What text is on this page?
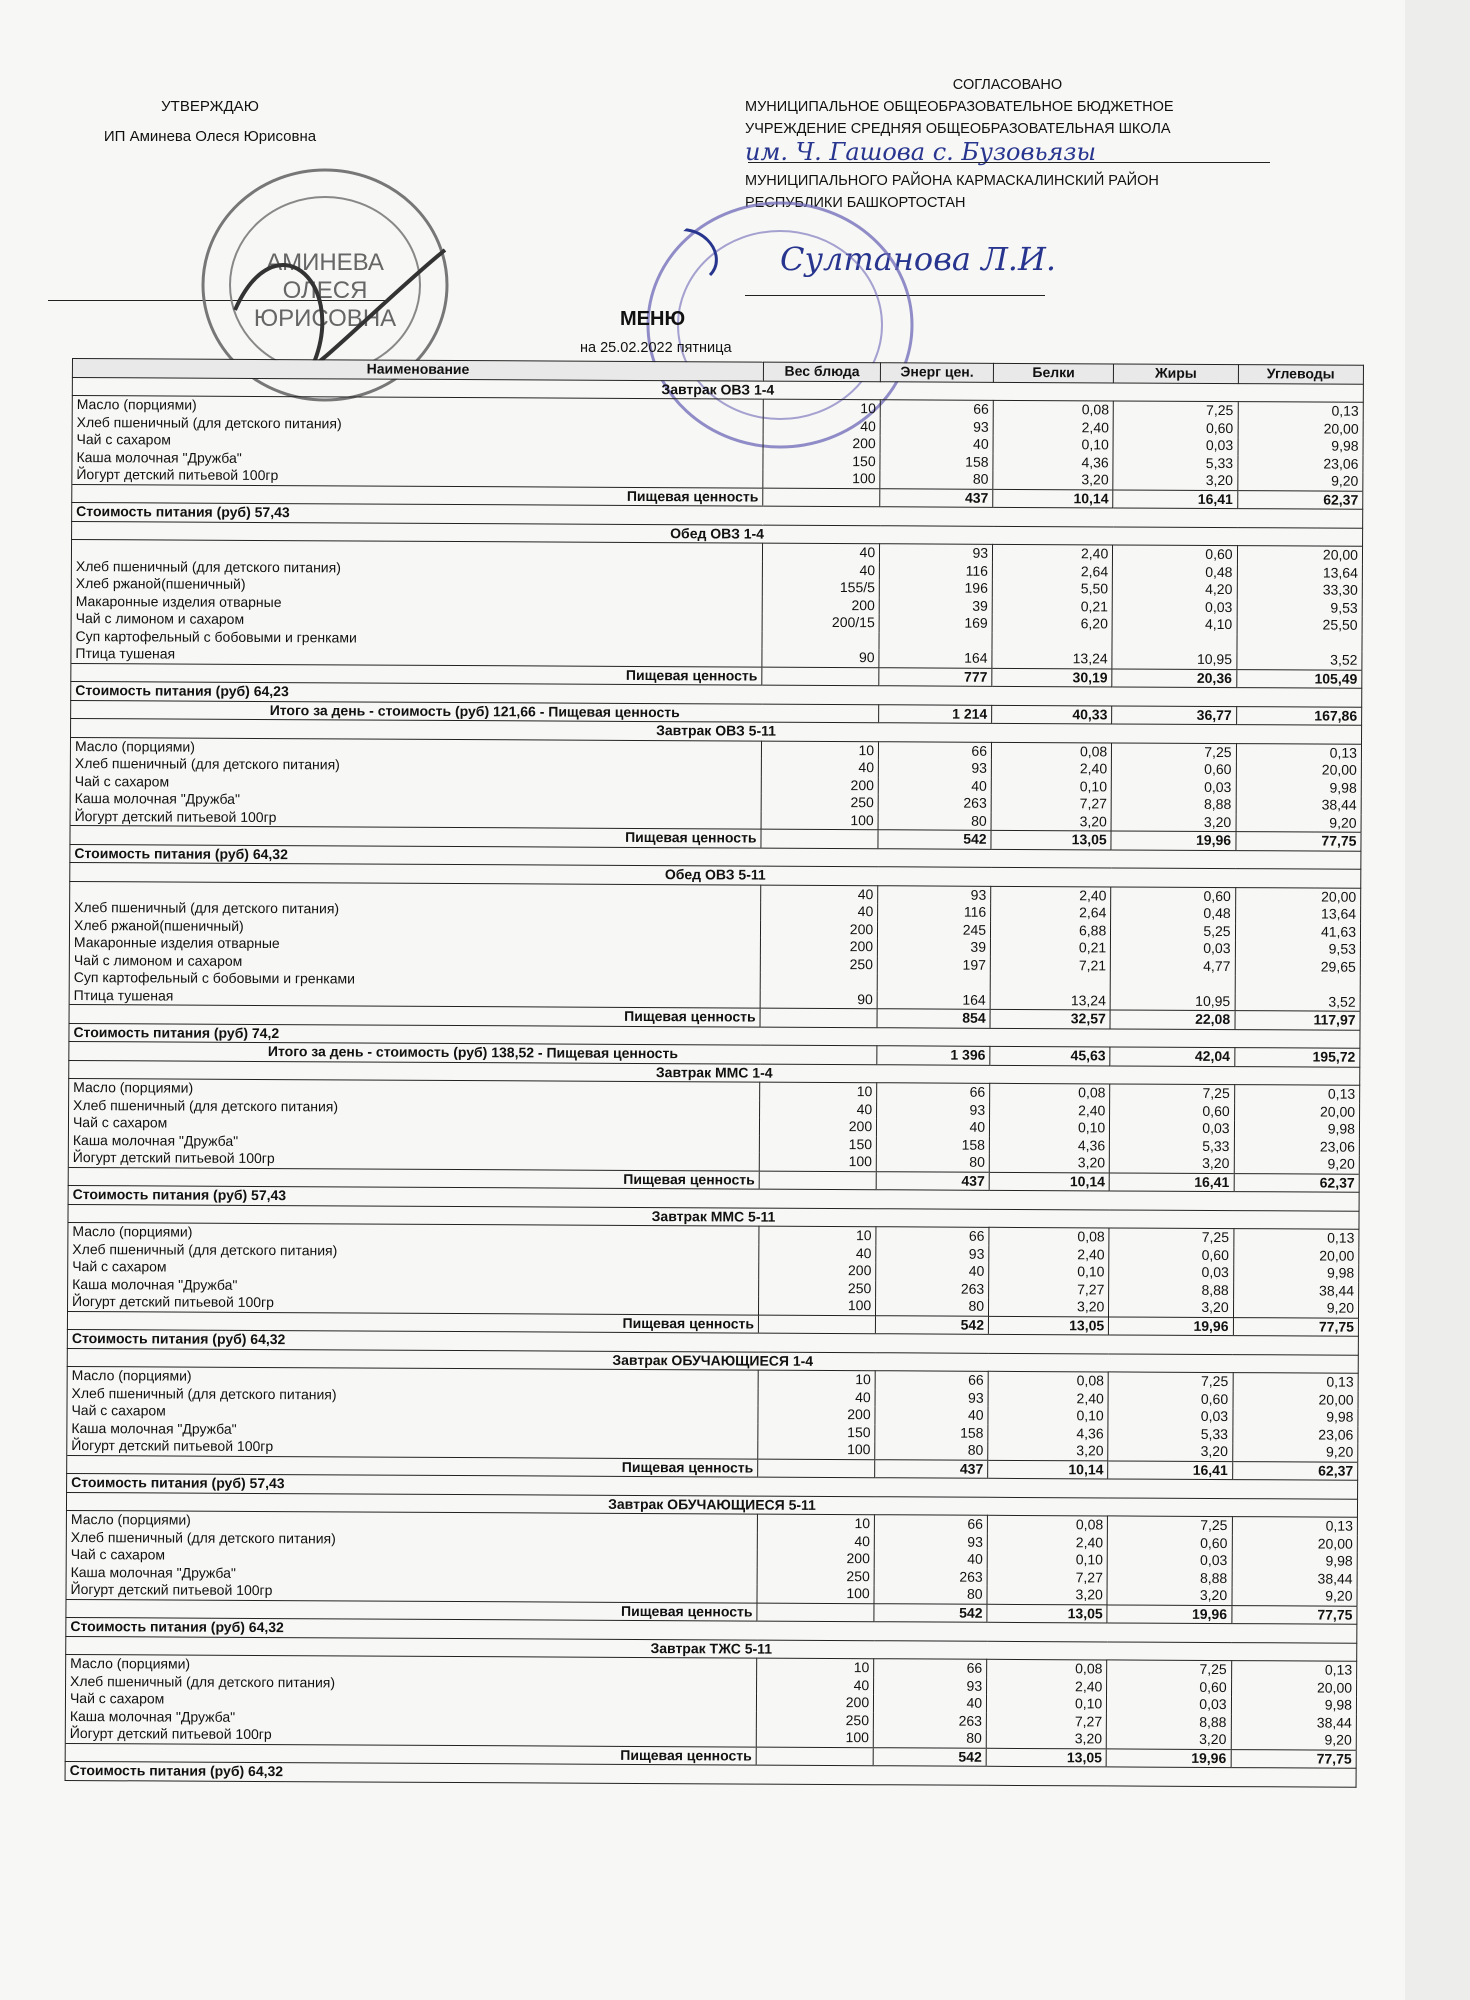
УТВЕРЖДАЮ
ИП Аминева Олеся Юрисовна
СОГЛАСОВАНО
МУНИЦИПАЛЬНОЕ ОБЩЕОБРАЗОВАТЕЛЬНОЕ БЮДЖЕТНОЕ
УЧРЕЖДЕНИЕ СРЕДНЯЯ ОБЩЕОБРАЗОВАТЕЛЬНАЯ ШКОЛА
им. Ч. Гашова с. Бузовьязы
МУНИЦИПАЛЬНОГО РАЙОНА КАРМАСКАЛИНСКИЙ РАЙОН
РЕСПУБЛИКИ БАШКОРТОСТАН
Султанова Л.И.
АМИНЕВА
ОЛЕСЯ
ЮРИСОВНА	МЕНЮ
на 25.02.2022 пятница
Наименование	Вес блюда	Энерг цен.	Белки	Жиры	Углеводы
Завтрак ОВЗ 1-4					
Масло (порциями)	10	66	0,08	7,25	0,13
Хлеб пшеничный (для детского питания)	40	93	2,40	0,60	20,00
Чай с сахаром	200	40	0,10	0,03	9,98
Каша молочная "Дружба"	150	158	4,36	5,33	23,06
Йогурт детский питьевой 100гр	100	80	3,20	3,20	9,20
Пищевая ценность		437	10,14	16,41	62,37
Стоимость питания (руб) 57,43					
Обед ОВЗ 1-4					
	40	93	2,40	0,60	20,00
Хлеб пшеничный (для детского питания)	40	116	2,64	0,48	13,64
Хлеб ржаной(пшеничный)	155/5	196	5,50	4,20	33,30
Макаронные изделия отварные	200	39	0,21	0,03	9,53
Чай с лимоном и сахаром	200/15	169	6,20	4,10	25,50
Суп картофельный с бобовыми и гренками					
Птица тушеная	90	164	13,24	10,95	3,52
Пищевая ценность		777	30,19	20,36	105,49
Стоимость питания (руб) 64,23					
Итого за день - стоимость (руб) 121,66 - Пищевая ценность		1 214	40,33	36,77	167,86
Завтрак ОВЗ 5-11					
Масло (порциями)	10	66	0,08	7,25	0,13
Хлеб пшеничный (для детского питания)	40	93	2,40	0,60	20,00
Чай с сахаром	200	40	0,10	0,03	9,98
Каша молочная "Дружба"	250	263	7,27	8,88	38,44
Йогурт детский питьевой 100гр	100	80	3,20	3,20	9,20
Пищевая ценность		542	13,05	19,96	77,75
Стоимость питания (руб) 64,32					
Обед ОВЗ 5-11					
	40	93	2,40	0,60	20,00
Хлеб пшеничный (для детского питания)	40	116	2,64	0,48	13,64
Хлеб ржаной(пшеничный)	200	245	6,88	5,25	41,63
Макаронные изделия отварные	200	39	0,21	0,03	9,53
Чай с лимоном и сахаром	250	197	7,21	4,77	29,65
Суп картофельный с бобовыми и гренками					
Птица тушеная	90	164	13,24	10,95	3,52
Пищевая ценность		854	32,57	22,08	117,97
Стоимость питания (руб) 74,2					
Итого за день - стоимость (руб) 138,52 - Пищевая ценность		1 396	45,63	42,04	195,72
Завтрак ММС 1-4					
Масло (порциями)	10	66	0,08	7,25	0,13
Хлеб пшеничный (для детского питания)	40	93	2,40	0,60	20,00
Чай с сахаром	200	40	0,10	0,03	9,98
Каша молочная "Дружба"	150	158	4,36	5,33	23,06
Йогурт детский питьевой 100гр	100	80	3,20	3,20	9,20
Пищевая ценность		437	10,14	16,41	62,37
Стоимость питания (руб) 57,43					
Завтрак ММС 5-11					
Масло (порциями)	10	66	0,08	7,25	0,13
Хлеб пшеничный (для детского питания)	40	93	2,40	0,60	20,00
Чай с сахаром	200	40	0,10	0,03	9,98
Каша молочная "Дружба"	250	263	7,27	8,88	38,44
Йогурт детский питьевой 100гр	100	80	3,20	3,20	9,20
Пищевая ценность		542	13,05	19,96	77,75
Стоимость питания (руб) 64,32					
Завтрак ОБУЧАЮЩИЕСЯ 1-4					
Масло (порциями)	10	66	0,08	7,25	0,13
Хлеб пшеничный (для детского питания)	40	93	2,40	0,60	20,00
Чай с сахаром	200	40	0,10	0,03	9,98
Каша молочная "Дружба"	150	158	4,36	5,33	23,06
Йогурт детский питьевой 100гр	100	80	3,20	3,20	9,20
Пищевая ценность		437	10,14	16,41	62,37
Стоимость питания (руб) 57,43					
Завтрак ОБУЧАЮЩИЕСЯ 5-11					
Масло (порциями)	10	66	0,08	7,25	0,13
Хлеб пшеничный (для детского питания)	40	93	2,40	0,60	20,00
Чай с сахаром	200	40	0,10	0,03	9,98
Каша молочная "Дружба"	250	263	7,27	8,88	38,44
Йогурт детский питьевой 100гр	100	80	3,20	3,20	9,20
Пищевая ценность		542	13,05	19,96	77,75
Стоимость питания (руб) 64,32					
Завтрак ТЖС 5-11					
Масло (порциями)	10	66	0,08	7,25	0,13
Хлеб пшеничный (для детского питания)	40	93	2,40	0,60	20,00
Чай с сахаром	200	40	0,10	0,03	9,98
Каша молочная "Дружба"	250	263	7,27	8,88	38,44
Йогурт детский питьевой 100гр	100	80	3,20	3,20	9,20
Пищевая ценность		542	13,05	19,96	77,75
Стоимость питания (руб) 64,32					
